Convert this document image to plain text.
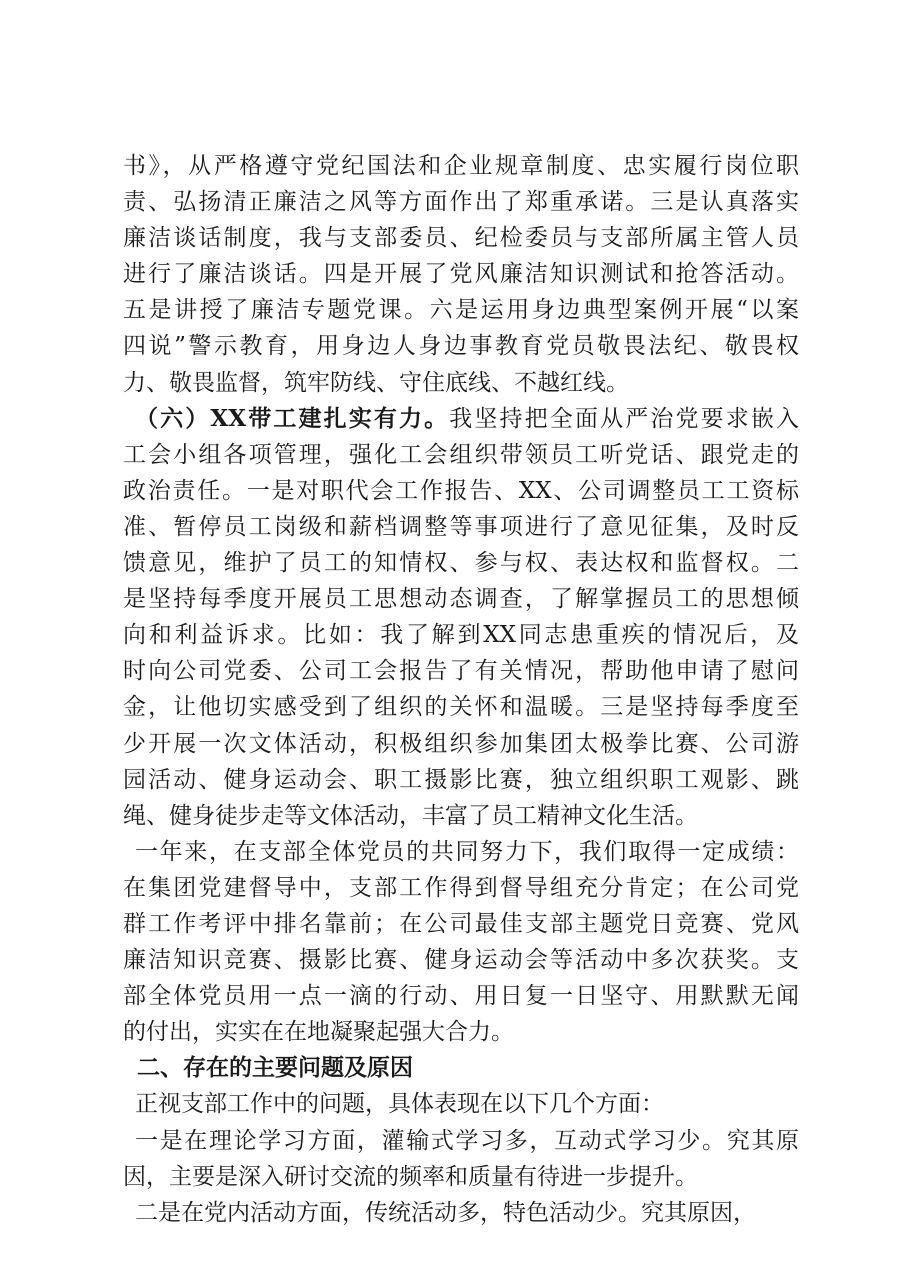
书》，从严格遵守党纪国法和企业规章制度、忠实履行岗位职
责、弘扬清正廉洁之风等方面作出了郑重承诺。三是认真落实
廉洁谈话制度，我与支部委员、纪检委员与支部所属主管人员
进行了廉洁谈话。四是开展了党风廉洁知识测试和抢答活动。
五是讲授了廉洁专题党课。六是运用身边典型案例开展“以案
四说”警示教育，用身边人身边事教育党员敬畏法纪、敬畏权
力、敬畏监督，筑牢防线、守住底线、不越红线。
（六）XX带工建扎实有力。我坚持把全面从严治党要求嵌入
工会小组各项管理，强化工会组织带领员工听党话、跟党走的
政治责任。一是对职代会工作报告、XX、公司调整员工工资标
准、暂停员工岗级和薪档调整等事项进行了意见征集，及时反
馈意见，维护了员工的知情权、参与权、表达权和监督权。二
是坚持每季度开展员工思想动态调查，了解掌握员工的思想倾
向和利益诉求。比如：我了解到XX同志患重疾的情况后，及
时向公司党委、公司工会报告了有关情况，帮助他申请了慰问
金，让他切实感受到了组织的关怀和温暖。三是坚持每季度至
少开展一次文体活动，积极组织参加集团太极拳比赛、公司游
园活动、健身运动会、职工摄影比赛，独立组织职工观影、跳
绳、健身徒步走等文体活动，丰富了员工精神文化生活。
一年来，在支部全体党员的共同努力下，我们取得一定成绩：
在集团党建督导中，支部工作得到督导组充分肯定；在公司党
群工作考评中排名靠前；在公司最佳支部主题党日竞赛、党风
廉洁知识竞赛、摄影比赛、健身运动会等活动中多次获奖。支
部全体党员用一点一滴的行动、用日复一日坚守、用默默无闻
的付出，实实在在地凝聚起强大合力。
二、存在的主要问题及原因
正视支部工作中的问题，具体表现在以下几个方面：
一是在理论学习方面，灌输式学习多，互动式学习少。究其原
因，主要是深入研讨交流的频率和质量有待进一步提升。
二是在党内活动方面，传统活动多，特色活动少。究其原因，
